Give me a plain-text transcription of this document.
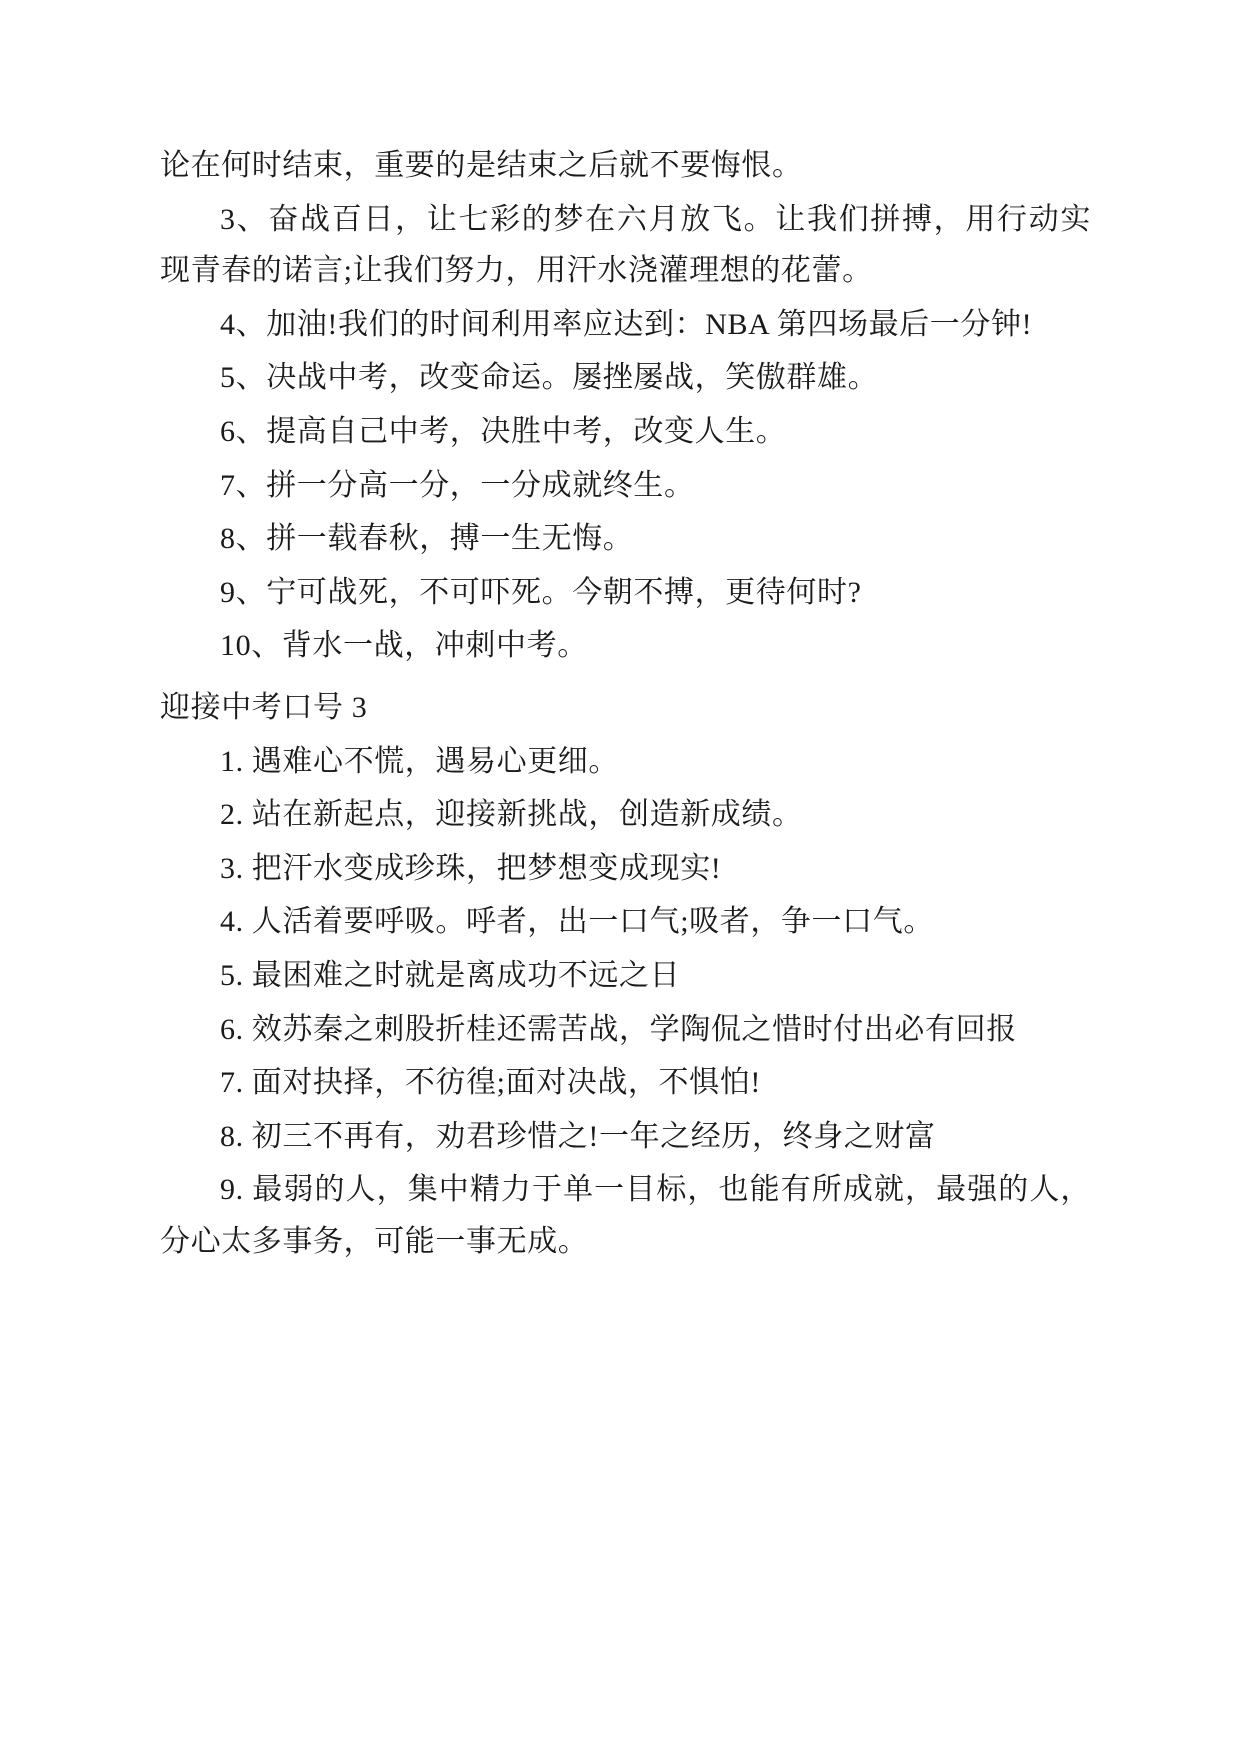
论在何时结束，重要的是结束之后就不要悔恨。

3、奋战百日，让七彩的梦在六月放飞。让我们拼搏，用行动实现青春的诺言;让我们努力，用汗水浇灌理想的花蕾。

4、加油!我们的时间利用率应达到：NBA 第四场最后一分钟!

5、决战中考，改变命运。屡挫屡战，笑傲群雄。

6、提高自己中考，决胜中考，改变人生。

7、拼一分高一分，一分成就终生。

8、拼一载春秋，搏一生无悔。

9、宁可战死，不可吓死。今朝不搏，更待何时?

10、背水一战，冲刺中考。

迎接中考口号 3

1. 遇难心不慌，遇易心更细。

2. 站在新起点，迎接新挑战，创造新成绩。

3. 把汗水变成珍珠，把梦想变成现实!

4. 人活着要呼吸。呼者，出一口气;吸者，争一口气。

5. 最困难之时就是离成功不远之日

6. 效苏秦之刺股折桂还需苦战，学陶侃之惜时付出必有回报

7. 面对抉择，不彷徨;面对决战，不惧怕!

8. 初三不再有，劝君珍惜之!一年之经历，终身之财富

9. 最弱的人，集中精力于单一目标，也能有所成就，最强的人，分心太多事务，可能一事无成。
